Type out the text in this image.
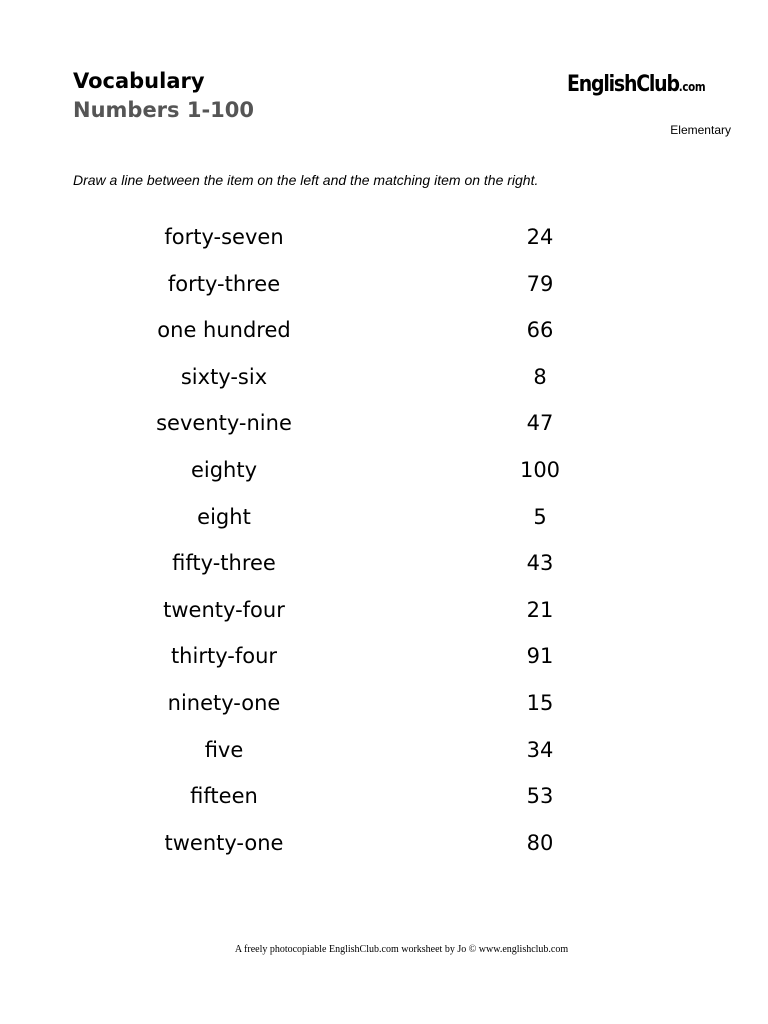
Vocabulary
Numbers 1-100
EnglishClub.com
Elementary
Draw a line between the item on the left and the matching item on the right.
forty-seven	24
forty-three	79
one hundred	66
sixty-six	8
seventy-nine	47
eighty	100
eight	5
fifty-three	43
twenty-four	21
thirty-four	91
ninety-one	15
five	34
fifteen	53
twenty-one	80
A freely photocopiable EnglishClub.com worksheet by Jo © www.englishclub.com
